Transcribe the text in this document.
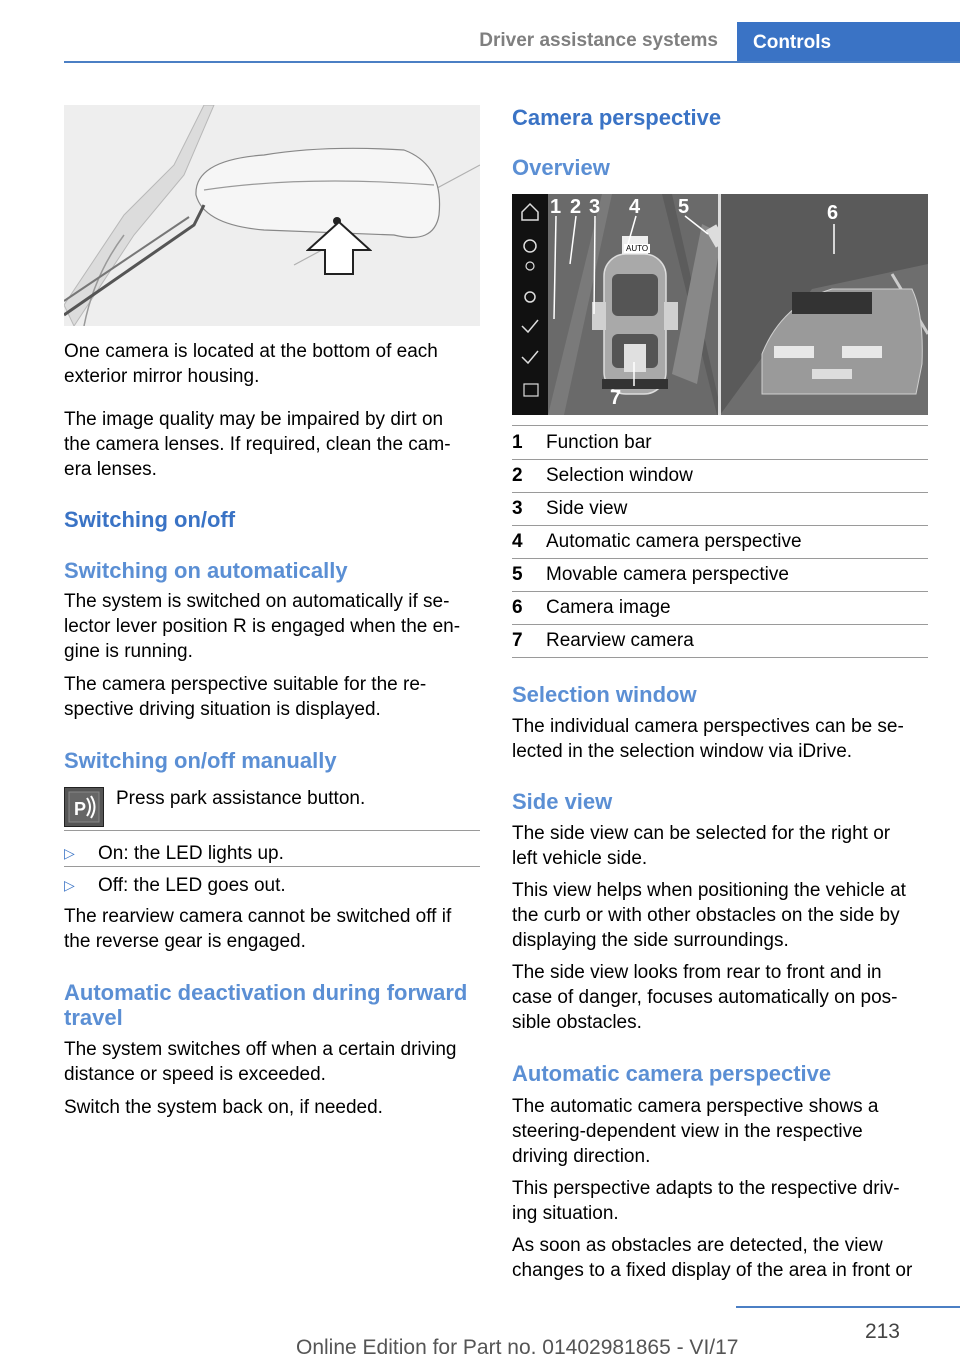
Driver assistance systems	Controls
One camera is located at the bottom of each
exterior mirror housing.
The image quality may be impaired by dirt on
the camera lenses. If required, clean the cam‐
era lenses.
Switching on/off
Switching on automatically
The system is switched on automatically if se‐
lector lever position R is engaged when the en‐
gine is running.
The camera perspective suitable for the re‐
spective driving situation is displayed.
Switching on/off manually
P Press park assistance button.
▷ On: the LED lights up.
▷ Off: the LED goes out.
The rearview camera cannot be switched off if
the reverse gear is engaged.
Automatic deactivation during forward
travel
The system switches off when a certain driving
distance or speed is exceeded.
Switch the system back on, if needed.
Camera perspective
Overview
AUTO
1 2 3 4 5	6
7
1	Function bar
2	Selection window
3	Side view
4	Automatic camera perspective
5	Movable camera perspective
6	Camera image
7	Rearview camera
Selection window
The individual camera perspectives can be se‐
lected in the selection window via iDrive.
Side view
The side view can be selected for the right or
left vehicle side.
This view helps when positioning the vehicle at
the curb or with other obstacles on the side by
displaying the side surroundings.
The side view looks from rear to front and in
case of danger, focuses automatically on pos‐
sible obstacles.
Automatic camera perspective
The automatic camera perspective shows a
steering-dependent view in the respective
driving direction.
This perspective adapts to the respective driv‐
ing situation.
As soon as obstacles are detected, the view
changes to a fixed display of the area in front or
213
Online Edition for Part no. 01402981865 - VI/17
